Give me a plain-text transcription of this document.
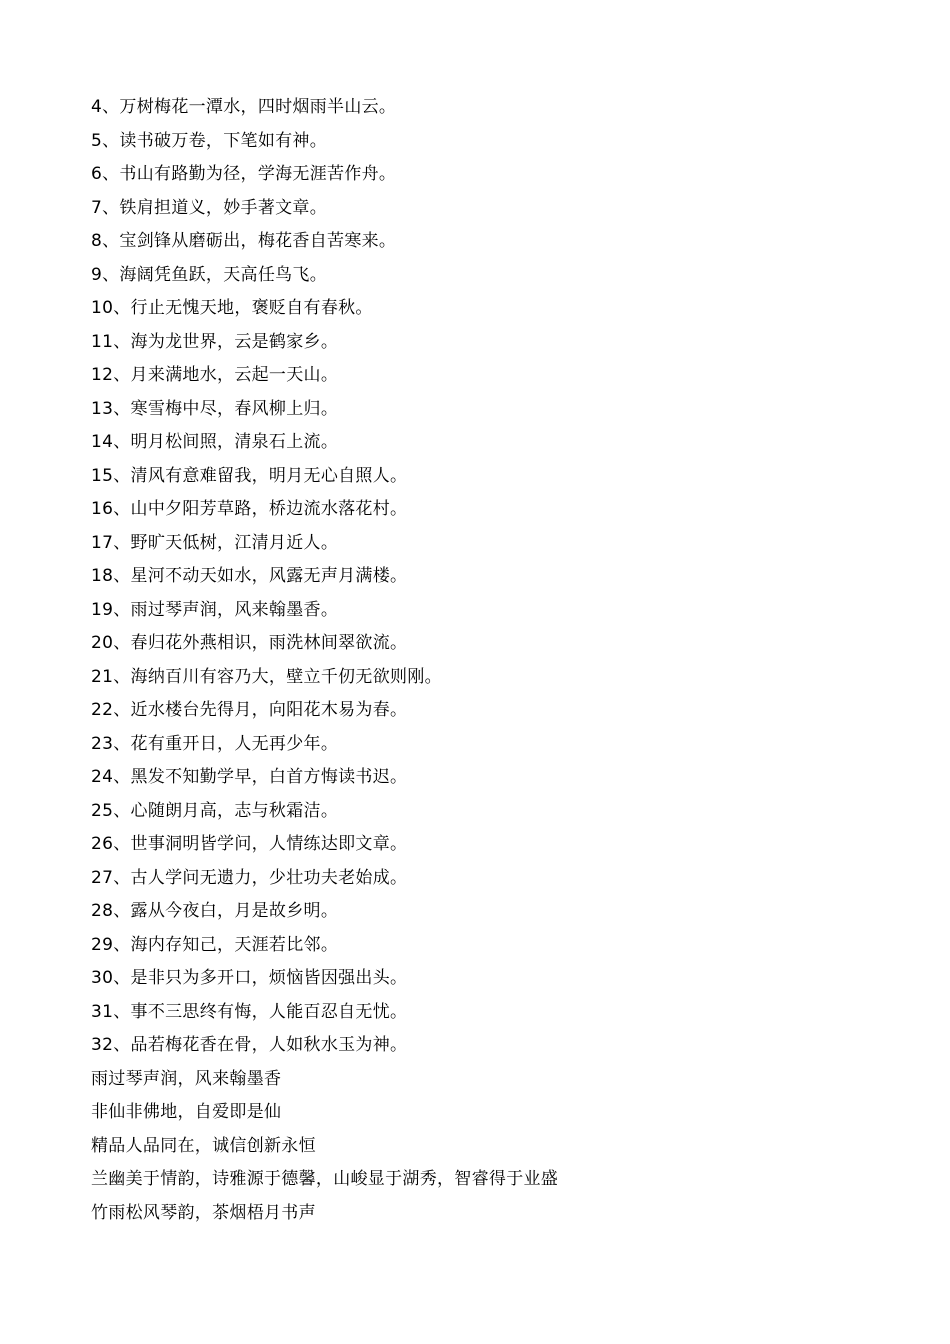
4、万树梅花一潭水，四时烟雨半山云。
5、读书破万卷，下笔如有神。
6、书山有路勤为径，学海无涯苦作舟。
7、铁肩担道义，妙手著文章。
8、宝剑锋从磨砺出，梅花香自苦寒来。
9、海阔凭鱼跃，天高任鸟飞。
10、行止无愧天地，褒贬自有春秋。
11、海为龙世界，云是鹤家乡。
12、月来满地水，云起一天山。
13、寒雪梅中尽，春风柳上归。
14、明月松间照，清泉石上流。
15、清风有意难留我，明月无心自照人。
16、山中夕阳芳草路，桥边流水落花村。
17、野旷天低树，江清月近人。
18、星河不动天如水，风露无声月满楼。
19、雨过琴声润，风来翰墨香。
20、春归花外燕相识，雨洗林间翠欲流。
21、海纳百川有容乃大，壁立千仞无欲则刚。
22、近水楼台先得月，向阳花木易为春。
23、花有重开日，人无再少年。
24、黑发不知勤学早，白首方悔读书迟。
25、心随朗月高，志与秋霜洁。
26、世事洞明皆学问，人情练达即文章。
27、古人学问无遗力，少壮功夫老始成。
28、露从今夜白，月是故乡明。
29、海内存知己，天涯若比邻。
30、是非只为多开口，烦恼皆因强出头。
31、事不三思终有悔，人能百忍自无忧。
32、品若梅花香在骨，人如秋水玉为神。
雨过琴声润，风来翰墨香
非仙非佛地，自爱即是仙
精品人品同在，诚信创新永恒
兰幽美于情韵，诗雅源于德馨，山峻显于湖秀，智睿得于业盛
竹雨松风琴韵，茶烟梧月书声
